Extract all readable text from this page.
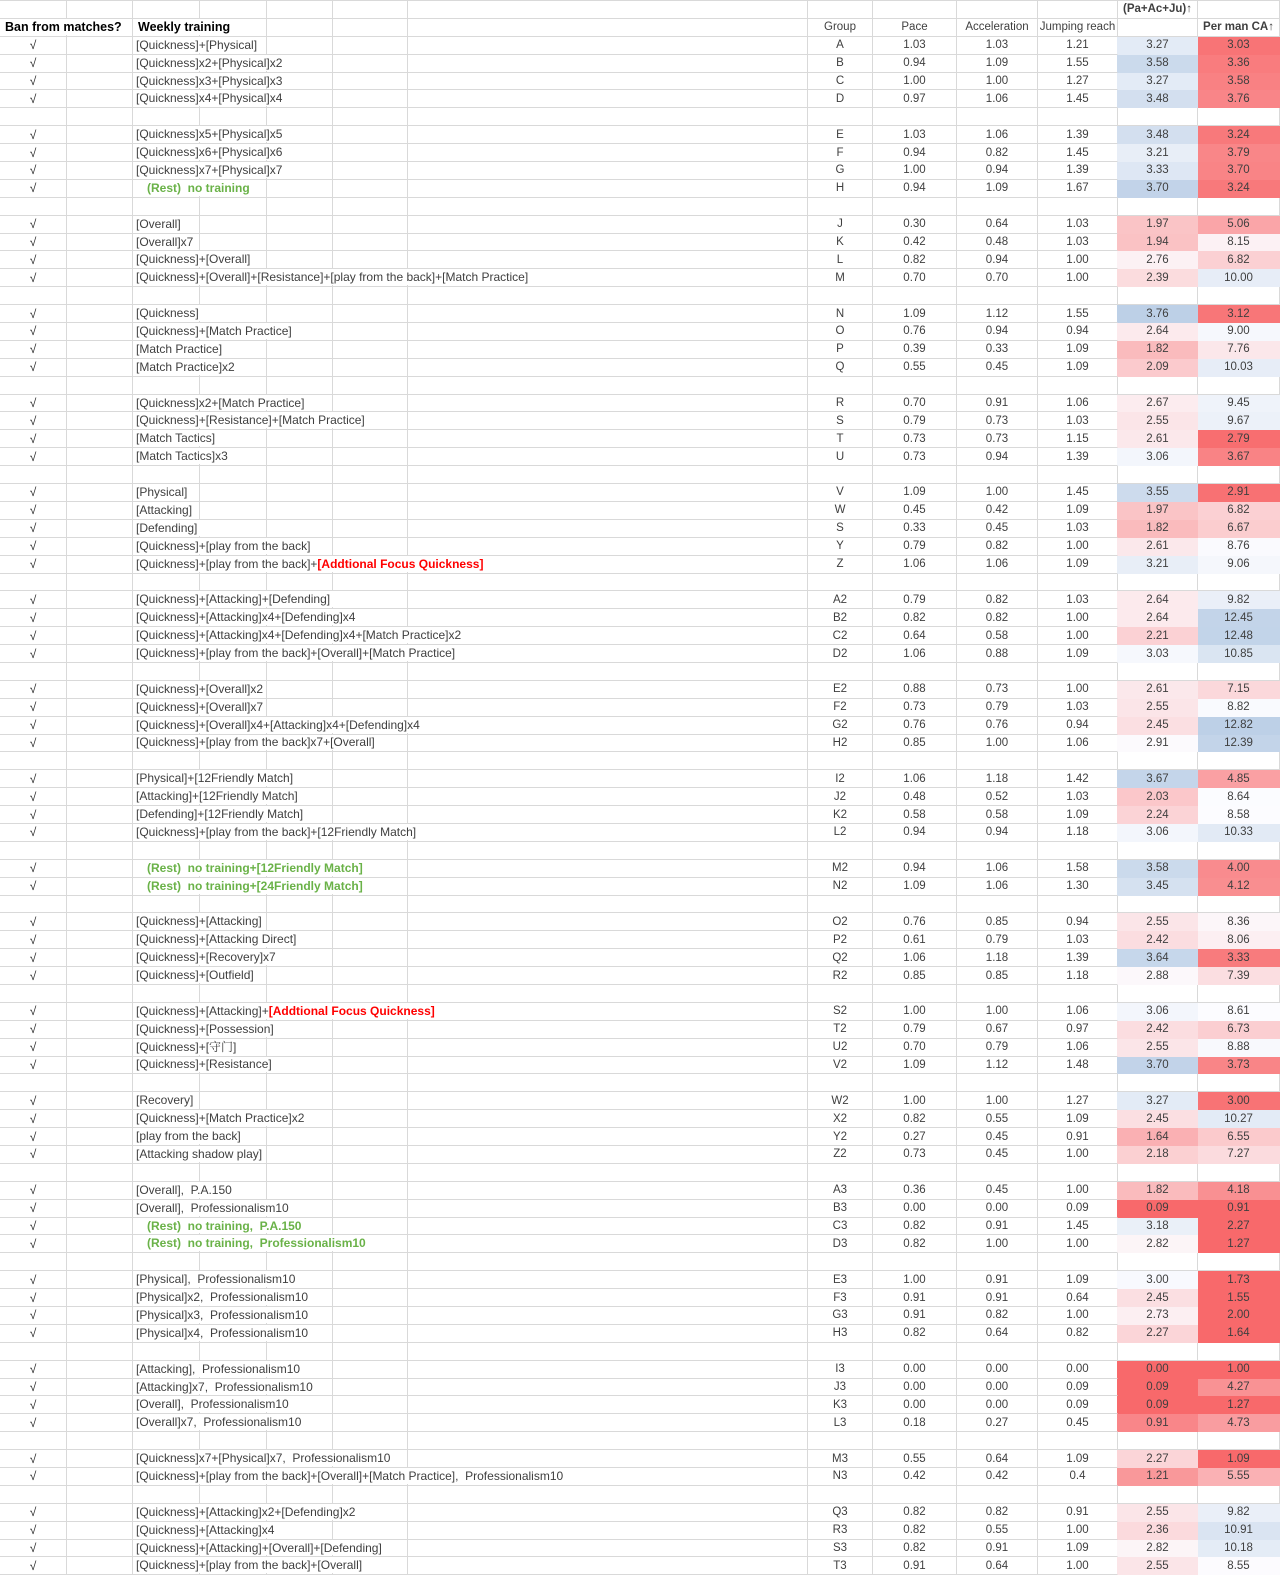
											(Pa+Ac+Ju)↑	

Ban from matches?		Weekly training					Group	Pace	Acceleration	Jumping reach		Per man CA↑
√		[Quickness]+[Physical]					A	1.03	1.03	1.21	3.27	3.03
√		[Quickness]x2+[Physical]x2					B	0.94	1.09	1.55	3.58	3.36
√		[Quickness]x3+[Physical]x3					C	1.00	1.00	1.27	3.27	3.58
√		[Quickness]x4+[Physical]x4					D	0.97	1.06	1.45	3.48	3.76

√		[Quickness]x5+[Physical]x5					E	1.03	1.06	1.39	3.48	3.24
√		[Quickness]x6+[Physical]x6					F	0.94	0.82	1.45	3.21	3.79
√		[Quickness]x7+[Physical]x7					G	1.00	0.94	1.39	3.33	3.70
√		(Rest)  no training					H	0.94	1.09	1.67	3.70	3.24

√		[Overall]					J	0.30	0.64	1.03	1.97	5.06
√		[Overall]x7					K	0.42	0.48	1.03	1.94	8.15
√		[Quickness]+[Overall]					L	0.82	0.94	1.00	2.76	6.82
√		[Quickness]+[Overall]+[Resistance]+[play from the back]+[Match Practice]					M	0.70	0.70	1.00	2.39	10.00

√		[Quickness]					N	1.09	1.12	1.55	3.76	3.12
√		[Quickness]+[Match Practice]					O	0.76	0.94	0.94	2.64	9.00
√		[Match Practice]					P	0.39	0.33	1.09	1.82	7.76
√		[Match Practice]x2					Q	0.55	0.45	1.09	2.09	10.03

√		[Quickness]x2+[Match Practice]					R	0.70	0.91	1.06	2.67	9.45
√		[Quickness]+[Resistance]+[Match Practice]					S	0.79	0.73	1.03	2.55	9.67
√		[Match Tactics]					T	0.73	0.73	1.15	2.61	2.79
√		[Match Tactics]x3					U	0.73	0.94	1.39	3.06	3.67

√		[Physical]					V	1.09	1.00	1.45	3.55	2.91
√		[Attacking]					W	0.45	0.42	1.09	1.97	6.82
√		[Defending]					S	0.33	0.45	1.03	1.82	6.67
√		[Quickness]+[play from the back]					Y	0.79	0.82	1.00	2.61	8.76
√		[Quickness]+[play from the back]+ [Addtional Focus Quickness]					Z	1.06	1.06	1.09	3.21	9.06

√		[Quickness]+[Attacking]+[Defending]					A2	0.79	0.82	1.03	2.64	9.82
√		[Quickness]+[Attacking]x4+[Defending]x4					B2	0.82	0.82	1.00	2.64	12.45
√		[Quickness]+[Attacking]x4+[Defending]x4+[Match Practice]x2					C2	0.64	0.58	1.00	2.21	12.48
√		[Quickness]+[play from the back]+[Overall]+[Match Practice]					D2	1.06	0.88	1.09	3.03	10.85

√		[Quickness]+[Overall]x2					E2	0.88	0.73	1.00	2.61	7.15
√		[Quickness]+[Overall]x7					F2	0.73	0.79	1.03	2.55	8.82
√		[Quickness]+[Overall]x4+[Attacking]x4+[Defending]x4					G2	0.76	0.76	0.94	2.45	12.82
√		[Quickness]+[play from the back]x7+[Overall]					H2	0.85	1.00	1.06	2.91	12.39

√		[Physical]+[12Friendly Match]					I2	1.06	1.18	1.42	3.67	4.85
√		[Attacking]+[12Friendly Match]					J2	0.48	0.52	1.03	2.03	8.64
√		[Defending]+[12Friendly Match]					K2	0.58	0.58	1.09	2.24	8.58
√		[Quickness]+[play from the back]+[12Friendly Match]					L2	0.94	0.94	1.18	3.06	10.33

√		(Rest)  no training+[12Friendly Match]					M2	0.94	1.06	1.58	3.58	4.00
√		(Rest)  no training+[24Friendly Match]					N2	1.09	1.06	1.30	3.45	4.12

√		[Quickness]+[Attacking]					O2	0.76	0.85	0.94	2.55	8.36
√		[Quickness]+[Attacking Direct]					P2	0.61	0.79	1.03	2.42	8.06
√		[Quickness]+[Recovery]x7					Q2	1.06	1.18	1.39	3.64	3.33
√		[Quickness]+[Outfield]					R2	0.85	0.85	1.18	2.88	7.39

√		[Quickness]+[Attacking]+ [Addtional Focus Quickness]					S2	1.00	1.00	1.06	3.06	8.61
√		[Quickness]+[Possession]					T2	0.79	0.67	0.97	2.42	6.73
√		[Quickness]+[守门]					U2	0.70	0.79	1.06	2.55	8.88
√		[Quickness]+[Resistance]					V2	1.09	1.12	1.48	3.70	3.73

√		[Recovery]					W2	1.00	1.00	1.27	3.27	3.00
√		[Quickness]+[Match Practice]x2					X2	0.82	0.55	1.09	2.45	10.27
√		[play from the back]					Y2	0.27	0.45	0.91	1.64	6.55
√		[Attacking shadow play]					Z2	0.73	0.45	1.00	2.18	7.27

√		[Overall],  P.A.150					A3	0.36	0.45	1.00	1.82	4.18
√		[Overall],  Professionalism10					B3	0.00	0.00	0.09	0.09	0.91
√		(Rest)  no training,  P.A.150					C3	0.82	0.91	1.45	3.18	2.27
√		(Rest)  no training,  Professionalism10					D3	0.82	1.00	1.00	2.82	1.27

√		[Physical],  Professionalism10					E3	1.00	0.91	1.09	3.00	1.73
√		[Physical]x2,  Professionalism10					F3	0.91	0.91	0.64	2.45	1.55
√		[Physical]x3,  Professionalism10					G3	0.91	0.82	1.00	2.73	2.00
√		[Physical]x4,  Professionalism10					H3	0.82	0.64	0.82	2.27	1.64

√		[Attacking],  Professionalism10					I3	0.00	0.00	0.00	0.00	1.00
√		[Attacking]x7,  Professionalism10					J3	0.00	0.00	0.09	0.09	4.27
√		[Overall],  Professionalism10					K3	0.00	0.00	0.09	0.09	1.27
√		[Overall]x7,  Professionalism10					L3	0.18	0.27	0.45	0.91	4.73

√		[Quickness]x7+[Physical]x7,  Professionalism10					M3	0.55	0.64	1.09	2.27	1.09
√		[Quickness]+[play from the back]+[Overall]+[Match Practice],  Professionalism10					N3	0.42	0.42	0.4	1.21	5.55

√		[Quickness]+[Attacking]x2+[Defending]x2					Q3	0.82	0.82	0.91	2.55	9.82
√		[Quickness]+[Attacking]x4					R3	0.82	0.55	1.00	2.36	10.91
√		[Quickness]+[Attacking]+[Overall]+[Defending]					S3	0.82	0.91	1.09	2.82	10.18
√		[Quickness]+[play from the back]+[Overall]					T3	0.91	0.64	1.00	2.55	8.55
